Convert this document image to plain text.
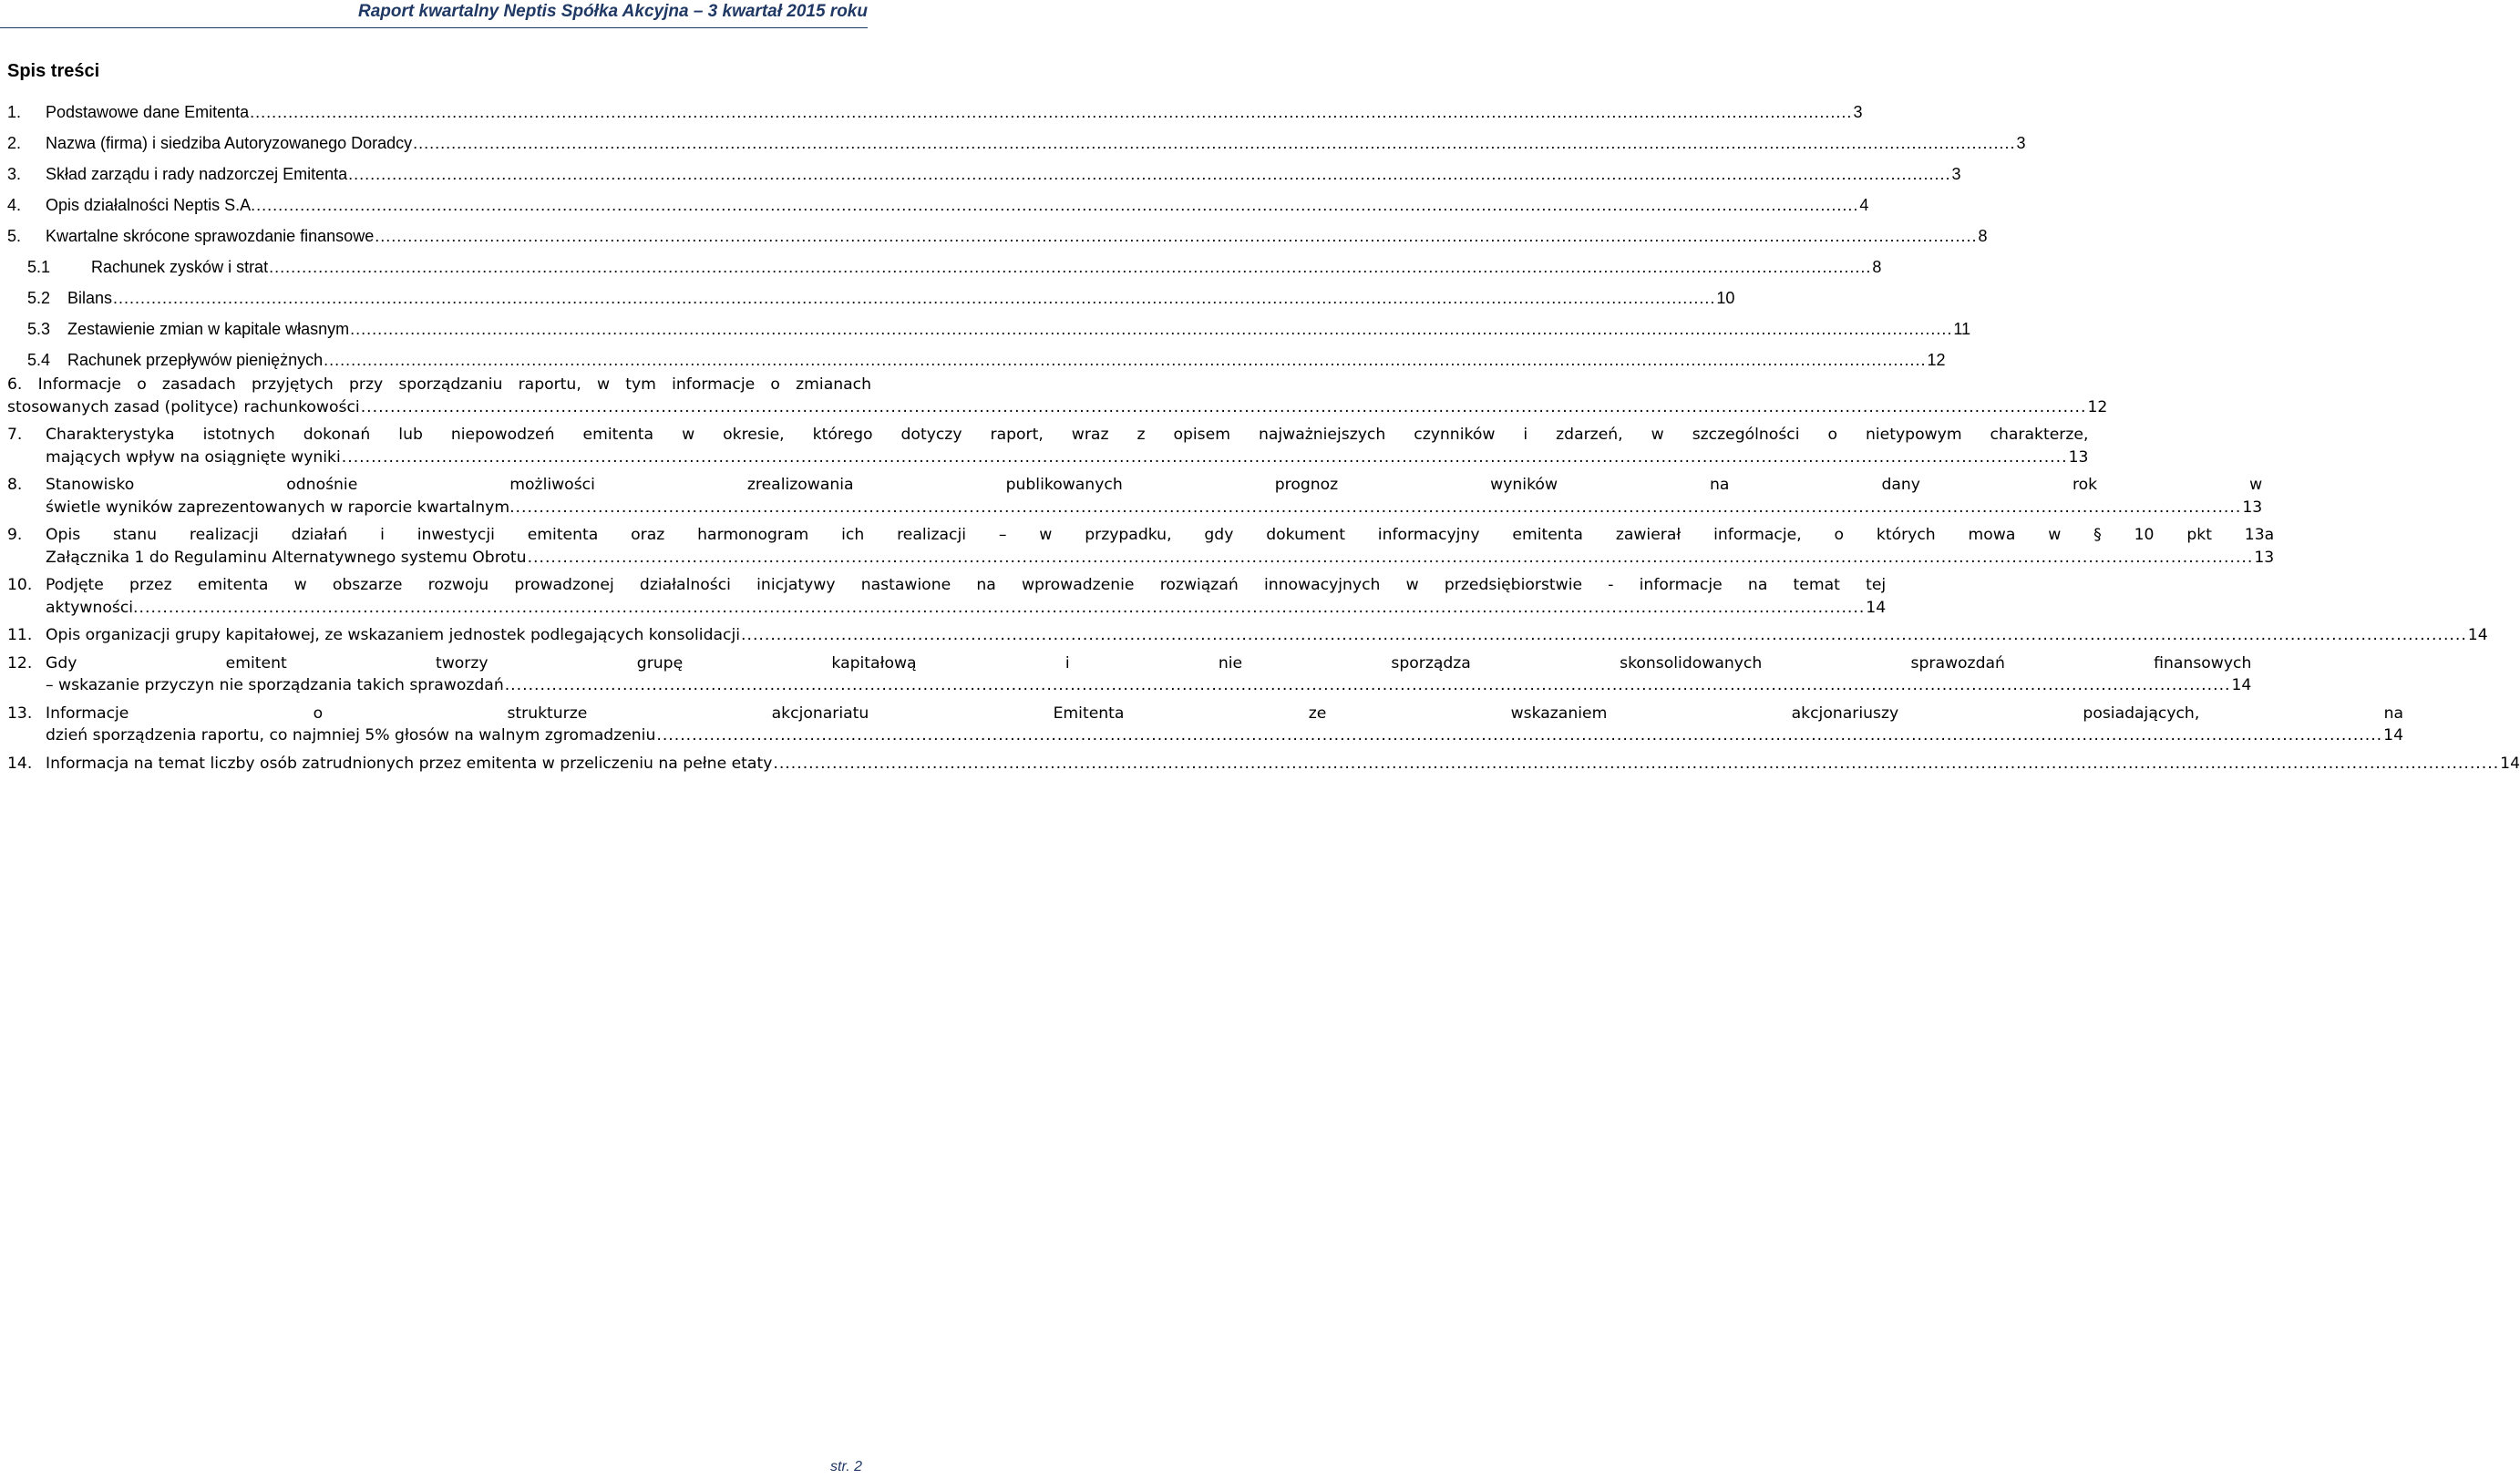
Raport kwartalny Neptis Spółka Akcyjna – 3 kwartał 2015 roku
Spis treści
1.	Podstawowe dane Emitenta .....	3
2.	Nazwa (firma) i siedziba Autoryzowanego Doradcy .....	3
3.	Skład zarządu i rady nadzorczej Emitenta .....	3
4.	Opis działalności Neptis S.A. .....	4
5.	Kwartalne skrócone sprawozdanie finansowe .....	8
5.1	Rachunek zysków i strat .....	8
5.2	Bilans .....	10
5.3	Zestawienie zmian w kapitale własnym .....	11
5.4	Rachunek przepływów pieniężnych .....	12
6. Informacje o zasadach przyjętych przy sporządzaniu raportu, w tym informacje o zmianach
stosowanych zasad (polityce) rachunkowości .....	12
7.	Charakterystyka istotnych dokonań lub niepowodzeń emitenta w okresie, którego dotyczy raport, wraz z opisem najważniejszych czynników i zdarzeń, w szczególności o nietypowym charakterze,
mających wpływ na osiągnięte wyniki .....	13
8.	Stanowisko odnośnie możliwości zrealizowania publikowanych prognoz wyników na dany rok w
świetle wyników zaprezentowanych w raporcie kwartalnym. .....	13
9.	Opis stanu realizacji działań i inwestycji emitenta oraz harmonogram ich realizacji – w przypadku, gdy dokument informacyjny emitenta zawierał informacje, o których mowa w § 10 pkt 13a
Załącznika 1 do Regulaminu Alternatywnego systemu Obrotu .....	13
10. Podjęte przez emitenta w obszarze rozwoju prowadzonej działalności inicjatywy nastawione na wprowadzenie rozwiązań innowacyjnych w przedsiębiorstwie - informacje na temat tej
aktywności. .....	14
11. Opis organizacji grupy kapitałowej, ze wskazaniem jednostek podlegających konsolidacji .....	14
12. Gdy emitent tworzy grupę kapitałową i nie sporządza skonsolidowanych sprawozdań finansowych
– wskazanie przyczyn nie sporządzania takich sprawozdań .....	14
13. Informacje o strukturze akcjonariatu Emitenta ze wskazaniem akcjonariuszy posiadających, na
dzień sporządzenia raportu, co najmniej 5% głosów na walnym zgromadzeniu .....	14
14. Informacja na temat liczby osób zatrudnionych przez emitenta w przeliczeniu na pełne etaty .....	14
str. 2
